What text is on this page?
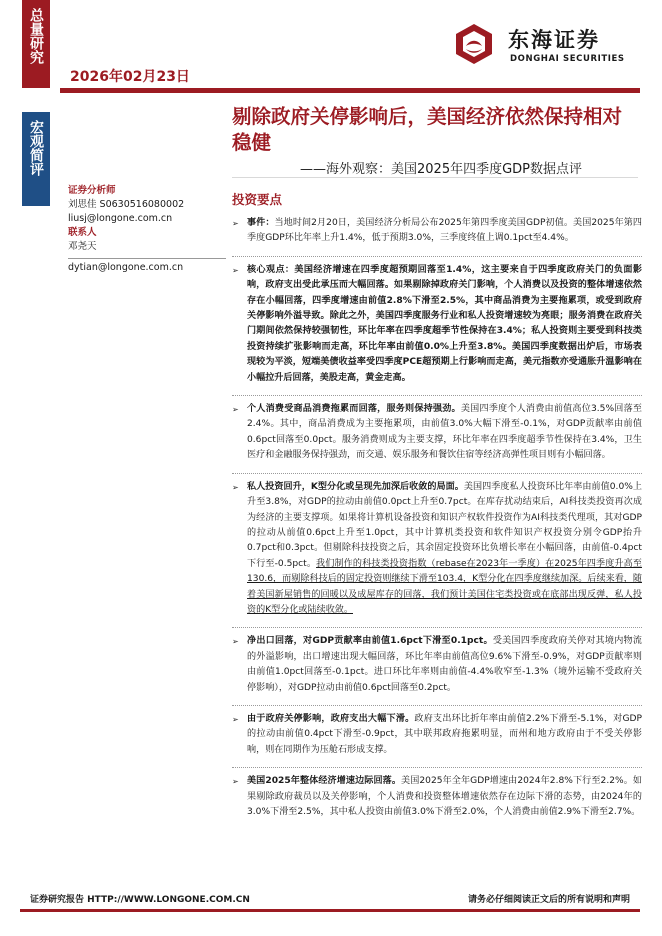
总量研究
宏观简评
东海证券
DONGHAI SECURITIES
2026年02月23日
剔除政府关停影响后，美国经济依然保持相对稳健
——海外观察：美国2025年四季度GDP数据点评
证券分析师
刘思佳 S0630516080002
liusj@longone.com.cn
联系人
邓尧天
dytian@longone.com.cn
投资要点
➢ 事件：当地时间2月20日，美国经济分析局公布2025年第四季度美国GDP初值。美国2025年第四季度GDP环比年率上升1.4%，低于预期3.0%，三季度终值上调0.1pct至4.4%。
➢ 核心观点：美国经济增速在四季度超预期回落至1.4%，这主要来自于四季度政府关门的负面影响，政府支出受此承压而大幅回落。如果剔除掉政府关门影响，个人消费以及投资的整体增速依然存在小幅回落，四季度增速由前值2.8%下滑至2.5%，其中商品消费为主要拖累项，或受到政府关停影响外溢导致。除此之外，美国四季度服务行业和私人投资增速较为亮眼；服务消费在政府关门期间依然保持较强韧性，环比年率在四季度超季节性保持在3.4%；私人投资则主要受到科技类投资持续扩张影响而走高，环比年率由前值0.0%上升至3.8%。美国四季度数据出炉后，市场表现较为平淡，短端美债收益率受四季度PCE超预期上行影响而走高，美元指数亦受通胀升温影响在小幅拉升后回落，美股走高，黄金走高。
➢ 个人消费受商品消费拖累而回落，服务则保持强劲。美国四季度个人消费由前值高位3.5%回落至2.4%。其中，商品消费成为主要拖累项，由前值3.0%大幅下滑至-0.1%，对GDP贡献率由前值0.6pct回落至0.0pct。服务消费则成为主要支撑，环比年率在四季度超季节性保持在3.4%，卫生医疗和金融服务保持强劲，而交通、娱乐服务和餐饮住宿等经济高弹性项目则有小幅回落。
➢ 私人投资回升，K型分化或呈现先加深后收敛的局面。美国四季度私人投资环比年率由前值0.0%上升至3.8%，对GDP的拉动由前值0.0pct上升至0.7pct。在库存扰动结束后，AI科技类投资再次成为经济的主要支撑项。如果将计算机设备投资和知识产权软件投资作为AI科技类代理项，其对GDP的拉动从前值0.6pct上升至1.0pct，其中计算机类投资和软件知识产权投资分别令GDP抬升0.7pct和0.3pct。但剔除科技投资之后，其余固定投资环比负增长率在小幅回落，由前值-0.4pct下行至-0.5pct。我们制作的科技类投资指数（rebase在2023年一季度）在2025年四季度升高至130.6，而剔除科技后的固定投资则继续下滑至103.4，K型分化在四季度继续加深。后续来看，随着美国新屋销售的回暖以及成屋库存的回落，我们预计美国住宅类投资或在底部出现反弹，私人投资的K型分化或陆续收敛。
➢ 净出口回落，对GDP贡献率由前值1.6pct下滑至0.1pct。受美国四季度政府关停对其境内物流的外溢影响，出口增速出现大幅回落，环比年率由前值高位9.6%下滑至-0.9%，对GDP贡献率则由前值1.0pct回落至-0.1pct。进口环比年率则由前值-4.4%收窄至-1.3%（境外运输不受政府关停影响），对GDP拉动由前值0.6pct回落至0.2pct。
➢ 由于政府关停影响，政府支出大幅下滑。政府支出环比折年率由前值2.2%下滑至-5.1%，对GDP的拉动由前值0.4pct下滑至-0.9pct，其中联邦政府拖累明显，而州和地方政府由于不受关停影响，则在同期作为压舱石形成支撑。
➢ 美国2025年整体经济增速边际回落。美国2025年全年GDP增速由2024年2.8%下行至2.2%。如果剔除政府裁员以及关停影响，个人消费和投资整体增速依然存在边际下滑的态势，由2024年的3.0%下滑至2.5%，其中私人投资由前值3.0%下滑至2.0%，个人消费由前值2.9%下滑至2.7%。
证券研究报告 HTTP://WWW.LONGONE.COM.CN	请务必仔细阅读正文后的所有说明和声明
